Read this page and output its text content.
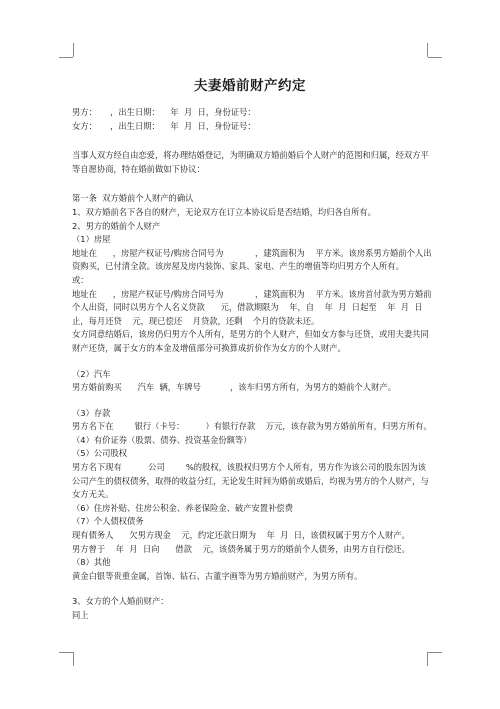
夫妻婚前财产约定

男方：     ，出生日期：    年  月  日，身份证号：

女方：     ，出生日期：    年  月  日，身份证号：

当事人双方经自由恋爱，将办理结婚登记，为明确双方婚前婚后个人财产的范围和归属，经双方平等自愿协商，特在婚前做如下协议：

第一条  双方婚前个人财产的确认

1、双方婚前名下各自的财产，无论双方在订立本协议后是否结婚，均归各自所有。

2、男方的婚前个人财产

（1）房屋

地址在      ，房屋产权证号/购房合同号为            ，建筑面积为    平方米。该房系男方婚前个人出资购买，已付清全款。该房屋及房内装饰、家具、家电、产生的增值等均归男方个人所有。

或：

地址在      ，房屋产权证号/购房合同号为            ，建筑面积为    平方米。该房首付款为男方婚前个人出资，同时以男方个人名义贷款      元，借款期限为    年，自    年  月  日起至    年  月  日止，每月还贷    元，现已偿还    月贷款，还剩    个月的贷款未还。

女方同意结婚后，该房仍归男方个人所有，是男方的个人财产，但如女方参与还贷，或用夫妻共同财产还贷，属于女方的本金及增值部分可换算成折价作为女方的个人财产。

（2）汽车

男方婚前购买      汽车  辆，车牌号           ，该车归男方所有，为男方的婚前个人财产。

（3）存款

男方名下在        银行（卡号：        ）有银行存款    万元，该存款为男方婚前所有，归男方所有。

（4）有价证券（股票、债券、投资基金份额等）

（5）公司股权

男方名下现有          公司        %的股权，该股权归男方个人所有，男方作为该公司的股东因为该公司产生的债权债务，取得的收益分红，无论发生时间为婚前或婚后，均视为男方的个人财产，与女方无关。

（6）住房补贴、住房公积金、养老保险金、破产安置补偿费

（7）个人债权债务

现有债务人      欠男方现金    元，约定还款日期为    年  月  日，该债权属于男方个人财产。

男方曾于    年  月  日向      借款    元，该债务属于男方的婚前个人债务，由男方自行偿还。

（8）其他

黄金白银等贵重金属，首饰、钻石、古董字画等为男方婚前财产，为男方所有。

3、女方的个人婚前财产：

同上
